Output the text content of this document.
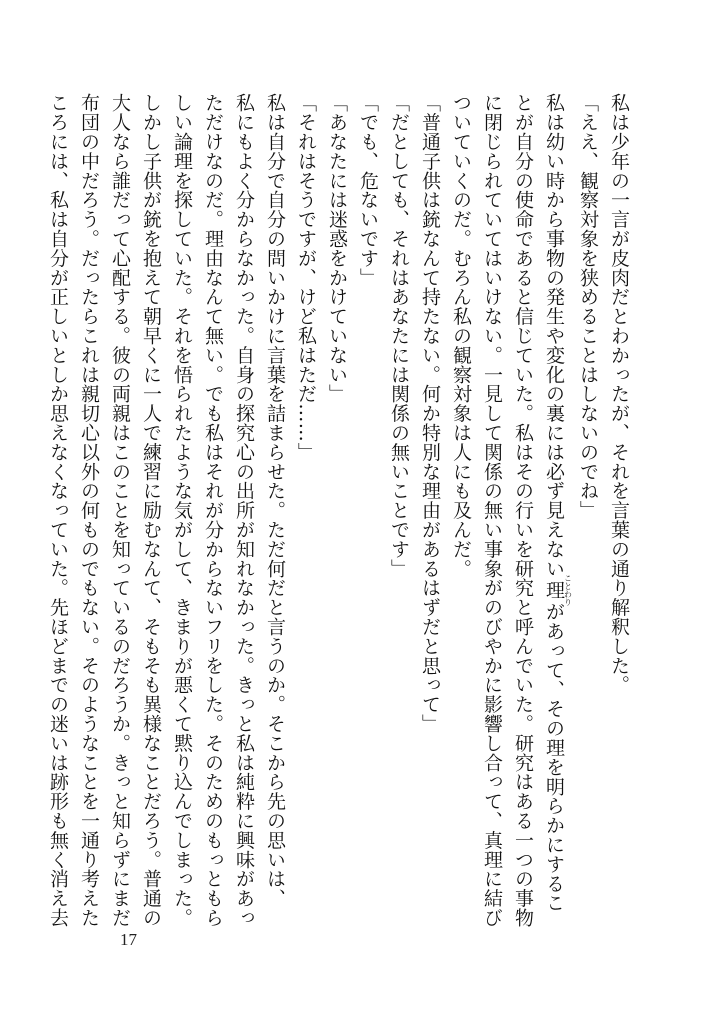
私は少年の一言が皮肉だとわかったが、それを言葉の通り解釈した。
「ええ、観察対象を狭めることはしないのでね」
私は幼い時から事物の発生や変化の裏には必ず見えない理ことわりがあって、その理を明らかにするこ
とが自分の使命であると信じていた。私はその行いを研究と呼んでいた。研究はある一つの事物
に閉じられていてはいけない。一見して関係の無い事象がのびやかに影響し合って、真理に結び
ついていくのだ。むろん私の観察対象は人にも及んだ。
「普通子供は銃なんて持たない。何か特別な理由があるはずだと思って」
「だとしても、それはあなたには関係の無いことです」
「でも、危ないです」
「あなたには迷惑をかけていない」
「それはそうですが、けど私はただ……」
私は自分で自分の問いかけに言葉を詰まらせた。ただ何だと言うのか。そこから先の思いは、
私にもよく分からなかった。自身の探究心の出所が知れなかった。きっと私は純粋に興味があっ
ただけなのだ。理由なんて無い。でも私はそれが分からないフリをした。そのためのもっともら
しい論理を探していた。それを悟られたような気がして、きまりが悪くて黙り込んでしまった。
しかし子供が銃を抱えて朝早くに一人で練習に励むなんて、そもそも異様なことだろう。普通の
大人なら誰だって心配する。彼の両親はこのことを知っているのだろうか。きっと知らずにまだ
布団の中だろう。だったらこれは親切心以外の何ものでもない。そのようなことを一通り考えた
ころには、私は自分が正しいとしか思えなくなっていた。先ほどまでの迷いは跡形も無く消え去
17
